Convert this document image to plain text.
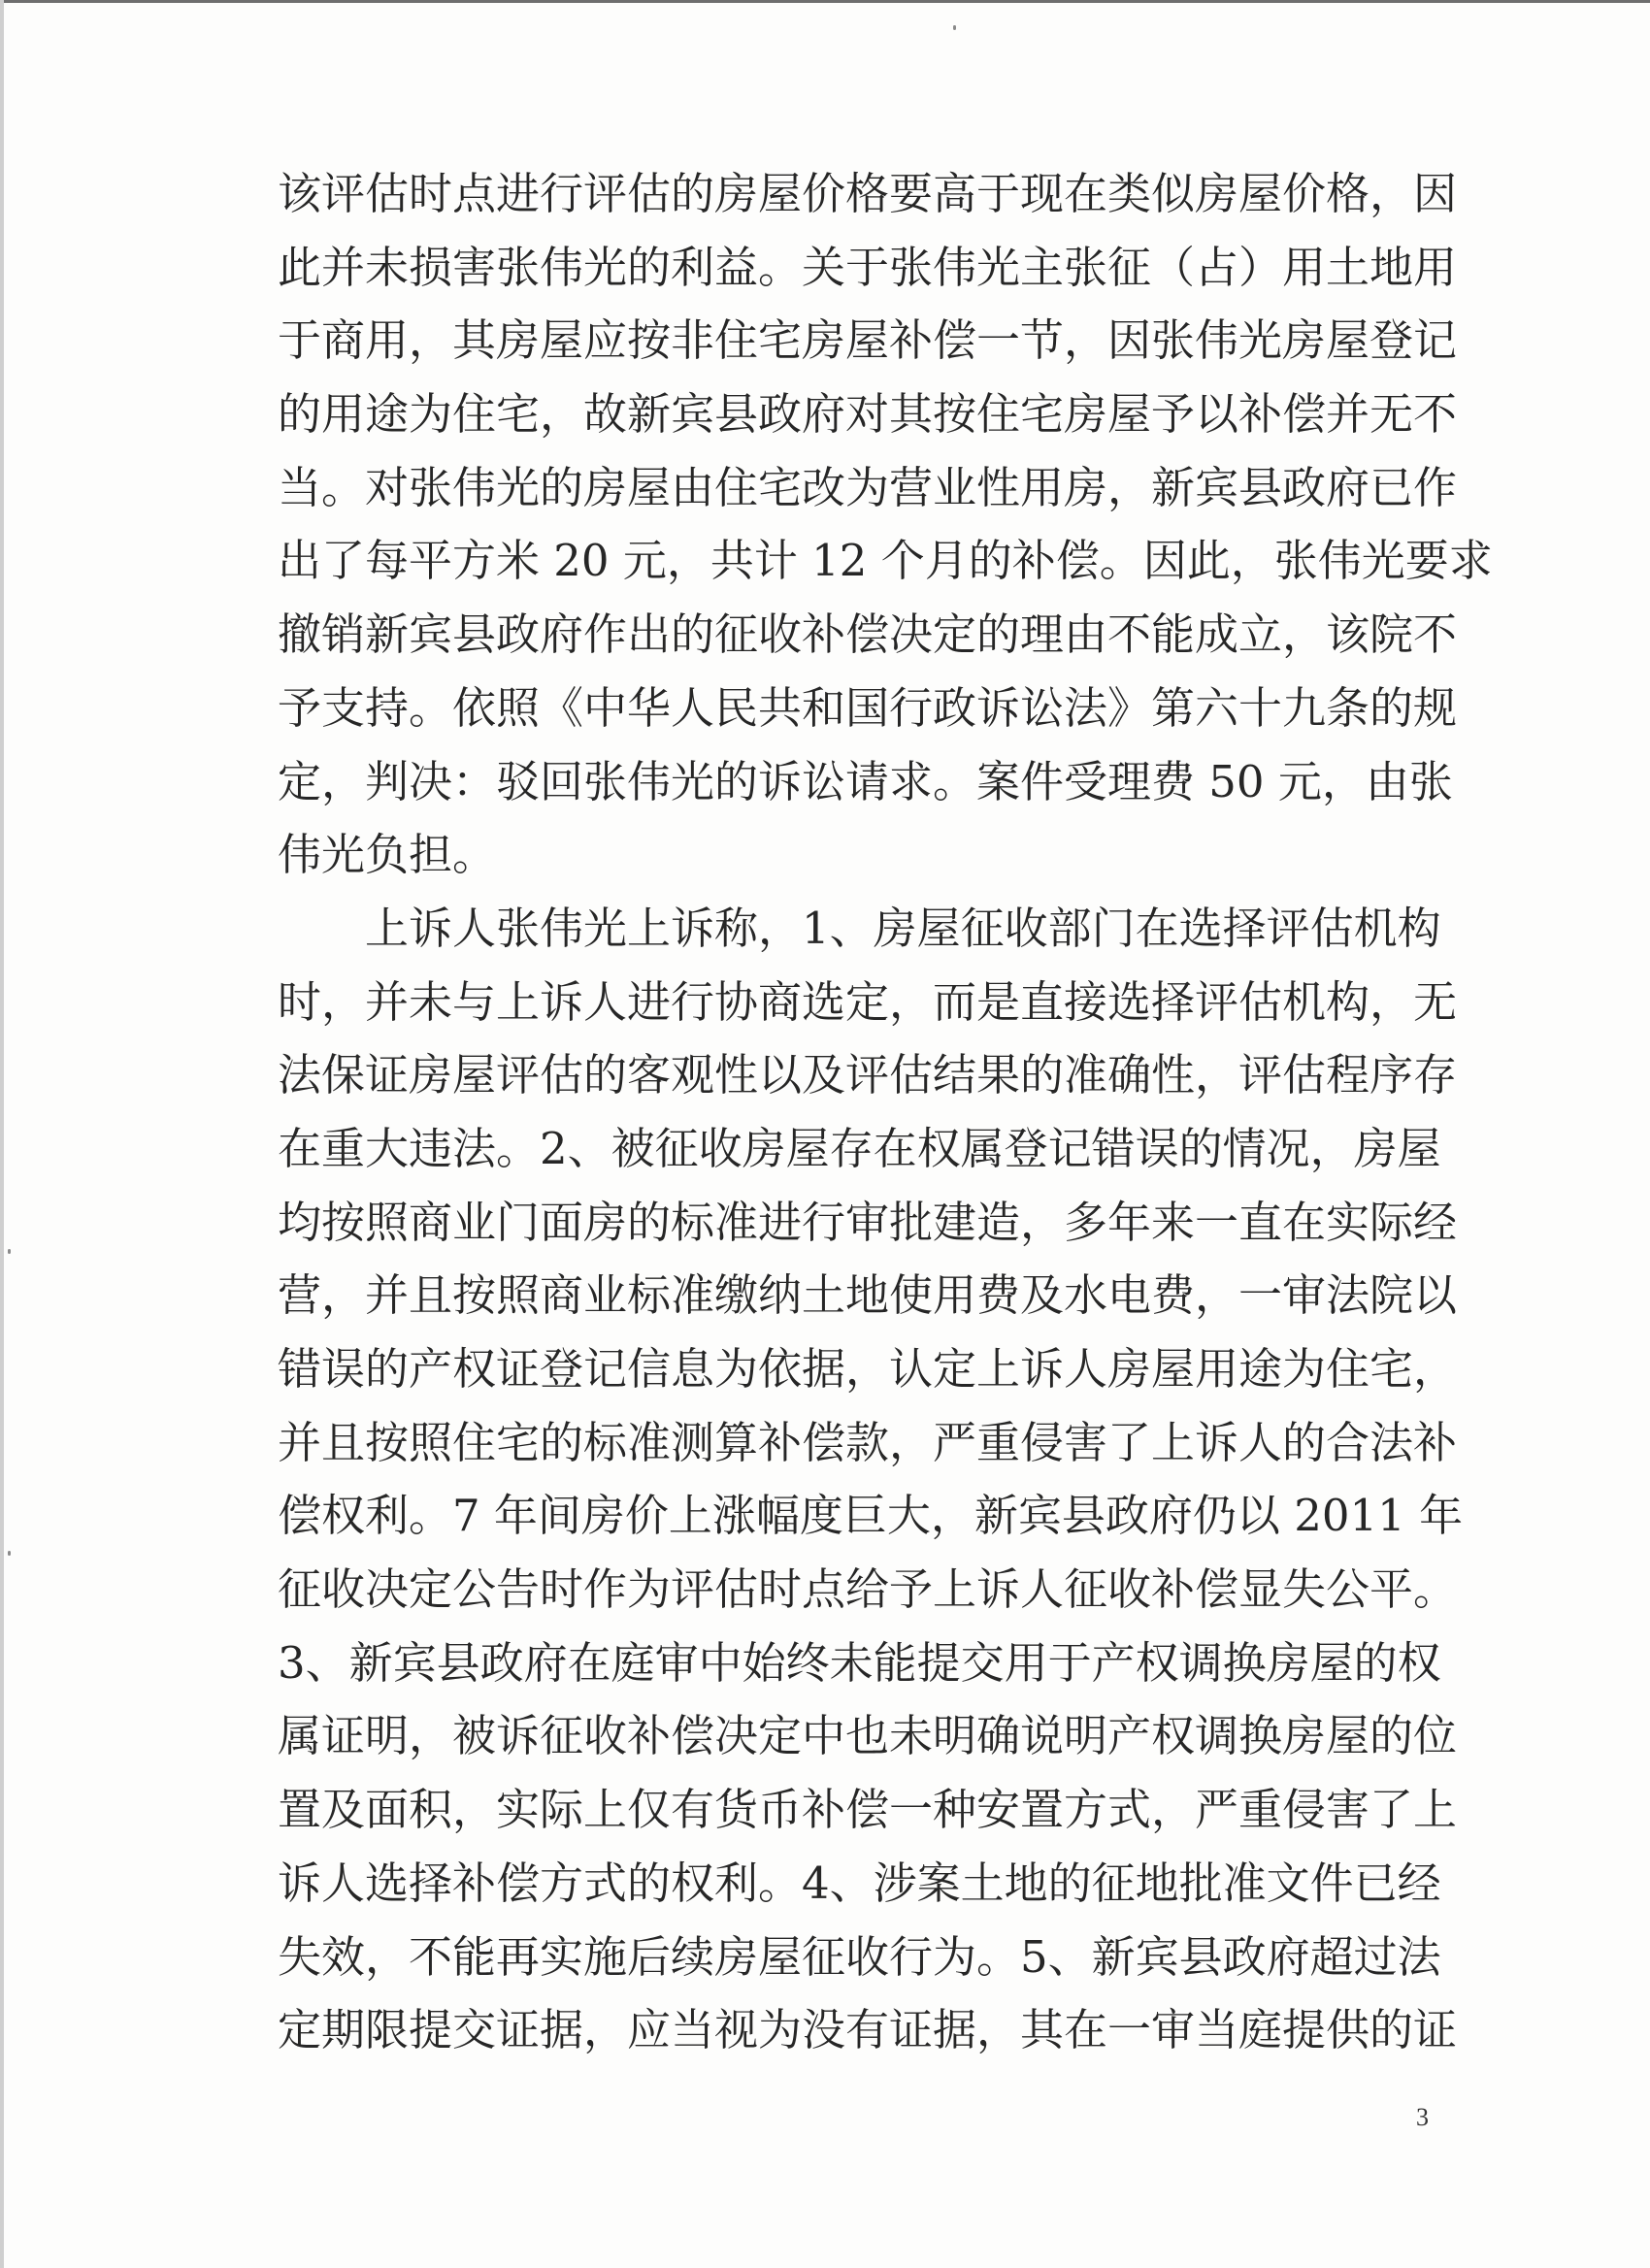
该评估时点进行评估的房屋价格要高于现在类似房屋价格，因
此并未损害张伟光的利益。关于张伟光主张征（占）用土地用
于商用，其房屋应按非住宅房屋补偿一节，因张伟光房屋登记
的用途为住宅，故新宾县政府对其按住宅房屋予以补偿并无不
当。对张伟光的房屋由住宅改为营业性用房，新宾县政府已作
出了每平方米 20 元，共计 12 个月的补偿。因此，张伟光要求
撤销新宾县政府作出的征收补偿决定的理由不能成立，该院不
予支持。依照《中华人民共和国行政诉讼法》第六十九条的规
定，判决：驳回张伟光的诉讼请求。案件受理费 50 元，由张
伟光负担。
上诉人张伟光上诉称，1、房屋征收部门在选择评估机构
时，并未与上诉人进行协商选定，而是直接选择评估机构，无
法保证房屋评估的客观性以及评估结果的准确性，评估程序存
在重大违法。2、被征收房屋存在权属登记错误的情况，房屋
均按照商业门面房的标准进行审批建造，多年来一直在实际经
营，并且按照商业标准缴纳土地使用费及水电费，一审法院以
错误的产权证登记信息为依据，认定上诉人房屋用途为住宅，
并且按照住宅的标准测算补偿款，严重侵害了上诉人的合法补
偿权利。7 年间房价上涨幅度巨大，新宾县政府仍以 2011 年
征收决定公告时作为评估时点给予上诉人征收补偿显失公平。
3、新宾县政府在庭审中始终未能提交用于产权调换房屋的权
属证明，被诉征收补偿决定中也未明确说明产权调换房屋的位
置及面积，实际上仅有货币补偿一种安置方式，严重侵害了上
诉人选择补偿方式的权利。4、涉案土地的征地批准文件已经
失效，不能再实施后续房屋征收行为。5、新宾县政府超过法
定期限提交证据，应当视为没有证据，其在一审当庭提供的证
3
